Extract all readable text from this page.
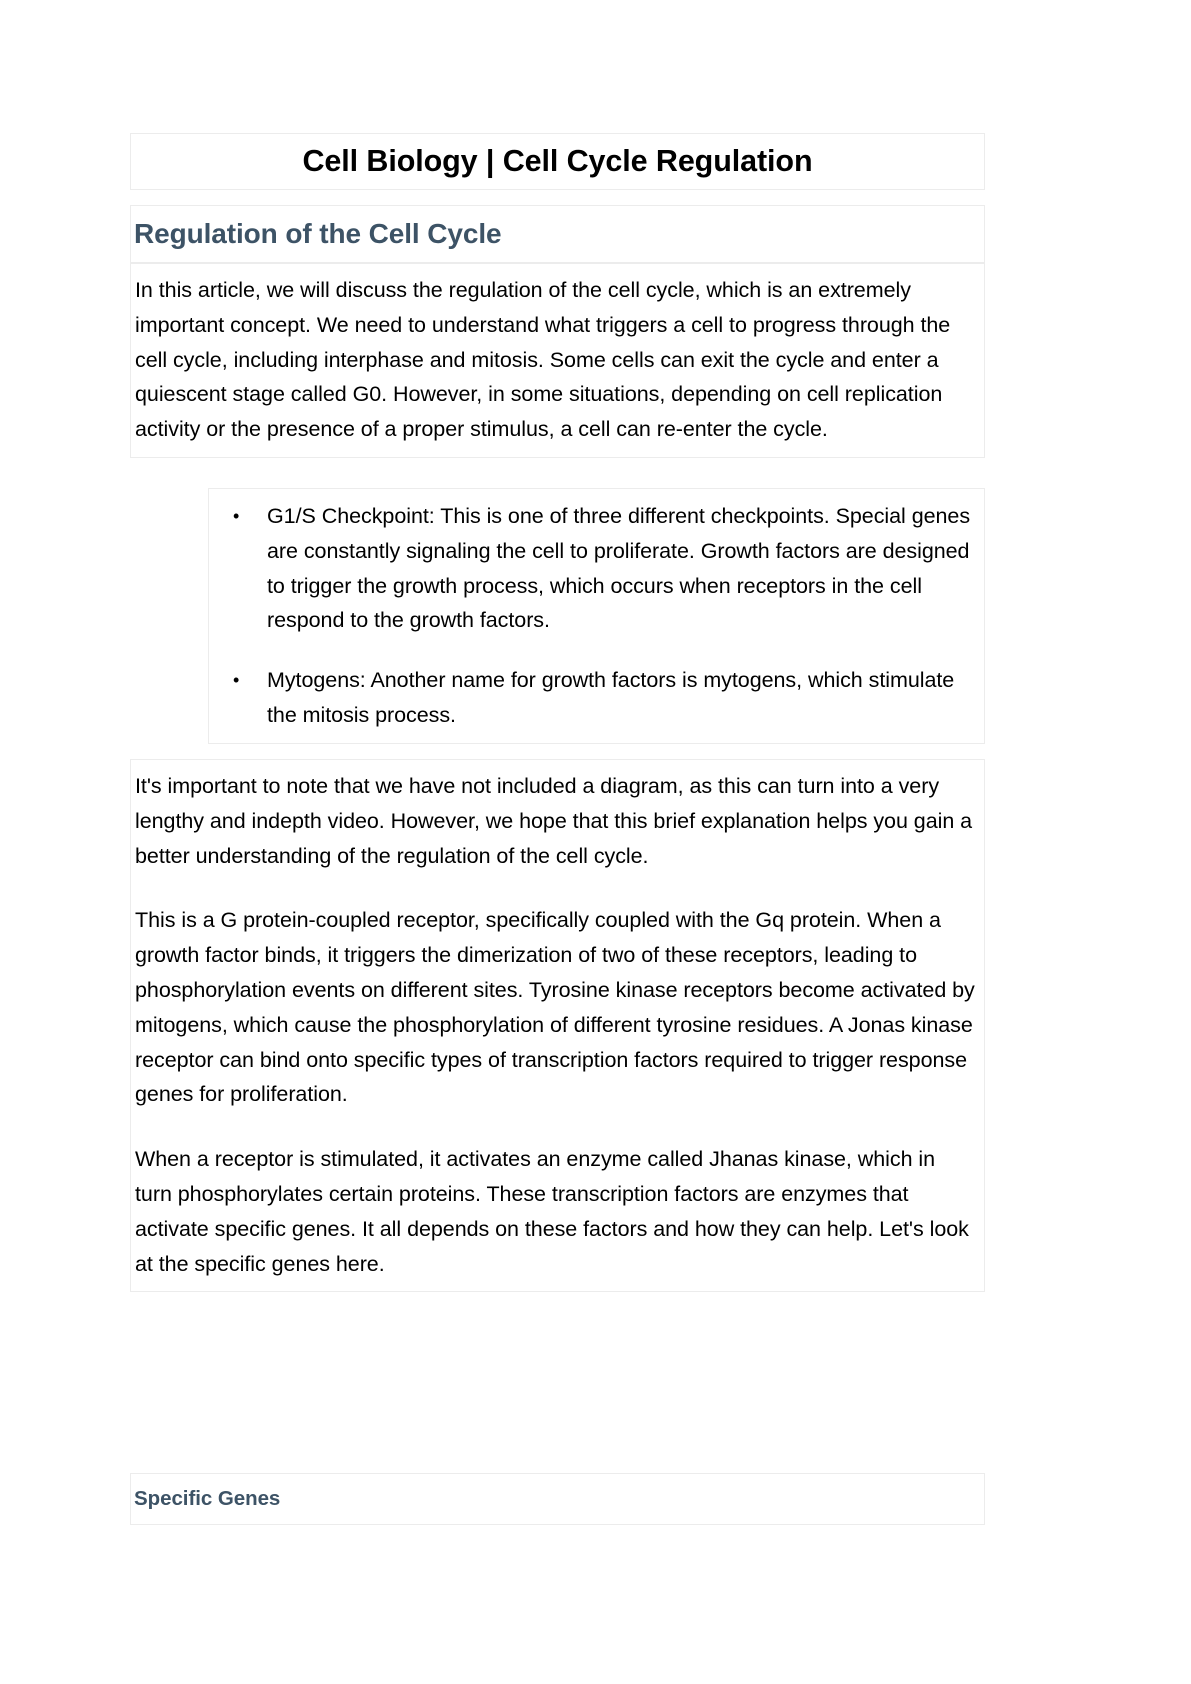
Cell Biology | Cell Cycle Regulation
Regulation of the Cell Cycle

In this article, we will discuss the regulation of the cell cycle, which is an extremely important concept. We need to understand what triggers a cell to progress through the cell cycle, including interphase and mitosis. Some cells can exit the cycle and enter a quiescent stage called G0. However, in some situations, depending on cell replication activity or the presence of a proper stimulus, a cell can re-enter the cycle.

• G1/S Checkpoint: This is one of three different checkpoints. Special genes are constantly signaling the cell to proliferate. Growth factors are designed to trigger the growth process, which occurs when receptors in the cell respond to the growth factors.
• Mytogens: Another name for growth factors is mytogens, which stimulate the mitosis process.

It's important to note that we have not included a diagram, as this can turn into a very lengthy and indepth video. However, we hope that this brief explanation helps you gain a better understanding of the regulation of the cell cycle.

This is a G protein-coupled receptor, specifically coupled with the Gq protein. When a growth factor binds, it triggers the dimerization of two of these receptors, leading to phosphorylation events on different sites. Tyrosine kinase receptors become activated by mitogens, which cause the phosphorylation of different tyrosine residues. A Jonas kinase receptor can bind onto specific types of transcription factors required to trigger response genes for proliferation.

When a receptor is stimulated, it activates an enzyme called Jhanas kinase, which in turn phosphorylates certain proteins. These transcription factors are enzymes that activate specific genes. It all depends on these factors and how they can help. Let's look at the specific genes here.

Specific Genes
